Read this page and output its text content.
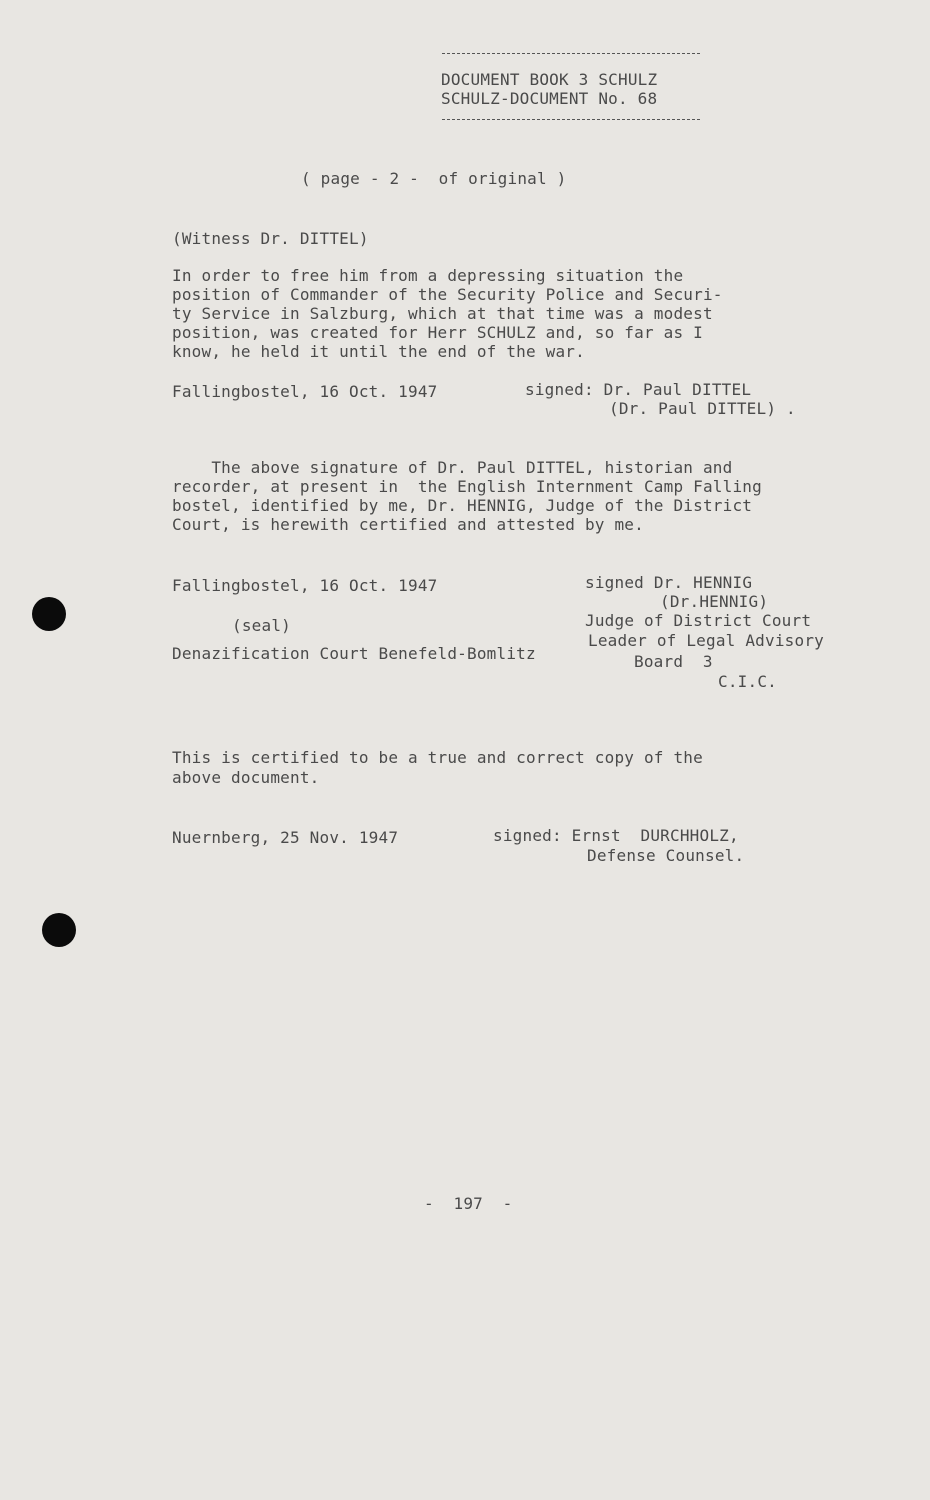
DOCUMENT BOOK 3 SCHULZ
SCHULZ-DOCUMENT No. 68
( page - 2 -  of original )
(Witness Dr. DITTEL)
In order to free him from a depressing situation the
position of Commander of the Security Police and Securi-
ty Service in Salzburg, which at that time was a modest
position, was created for Herr SCHULZ and, so far as I
know, he held it until the end of the war.
Fallingbostel, 16 Oct. 1947	signed: Dr. Paul DITTEL
(Dr. Paul DITTEL) .
The above signature of Dr. Paul DITTEL, historian and
recorder, at present in  the English Internment Camp Falling
bostel, identified by me, Dr. HENNIG, Judge of the District
Court, is herewith certified and attested by me.
Fallingbostel, 16 Oct. 1947	signed Dr. HENNIG
(Dr.HENNIG)
Judge of District Court
(seal)
Leader of Legal Advisory
Denazification Court Benefeld-Bomlitz	Board  3
C.I.C.
This is certified to be a true and correct copy of the
above document.
Nuernberg, 25 Nov. 1947	signed: Ernst  DURCHHOLZ,
Defense Counsel.
-  197  -
